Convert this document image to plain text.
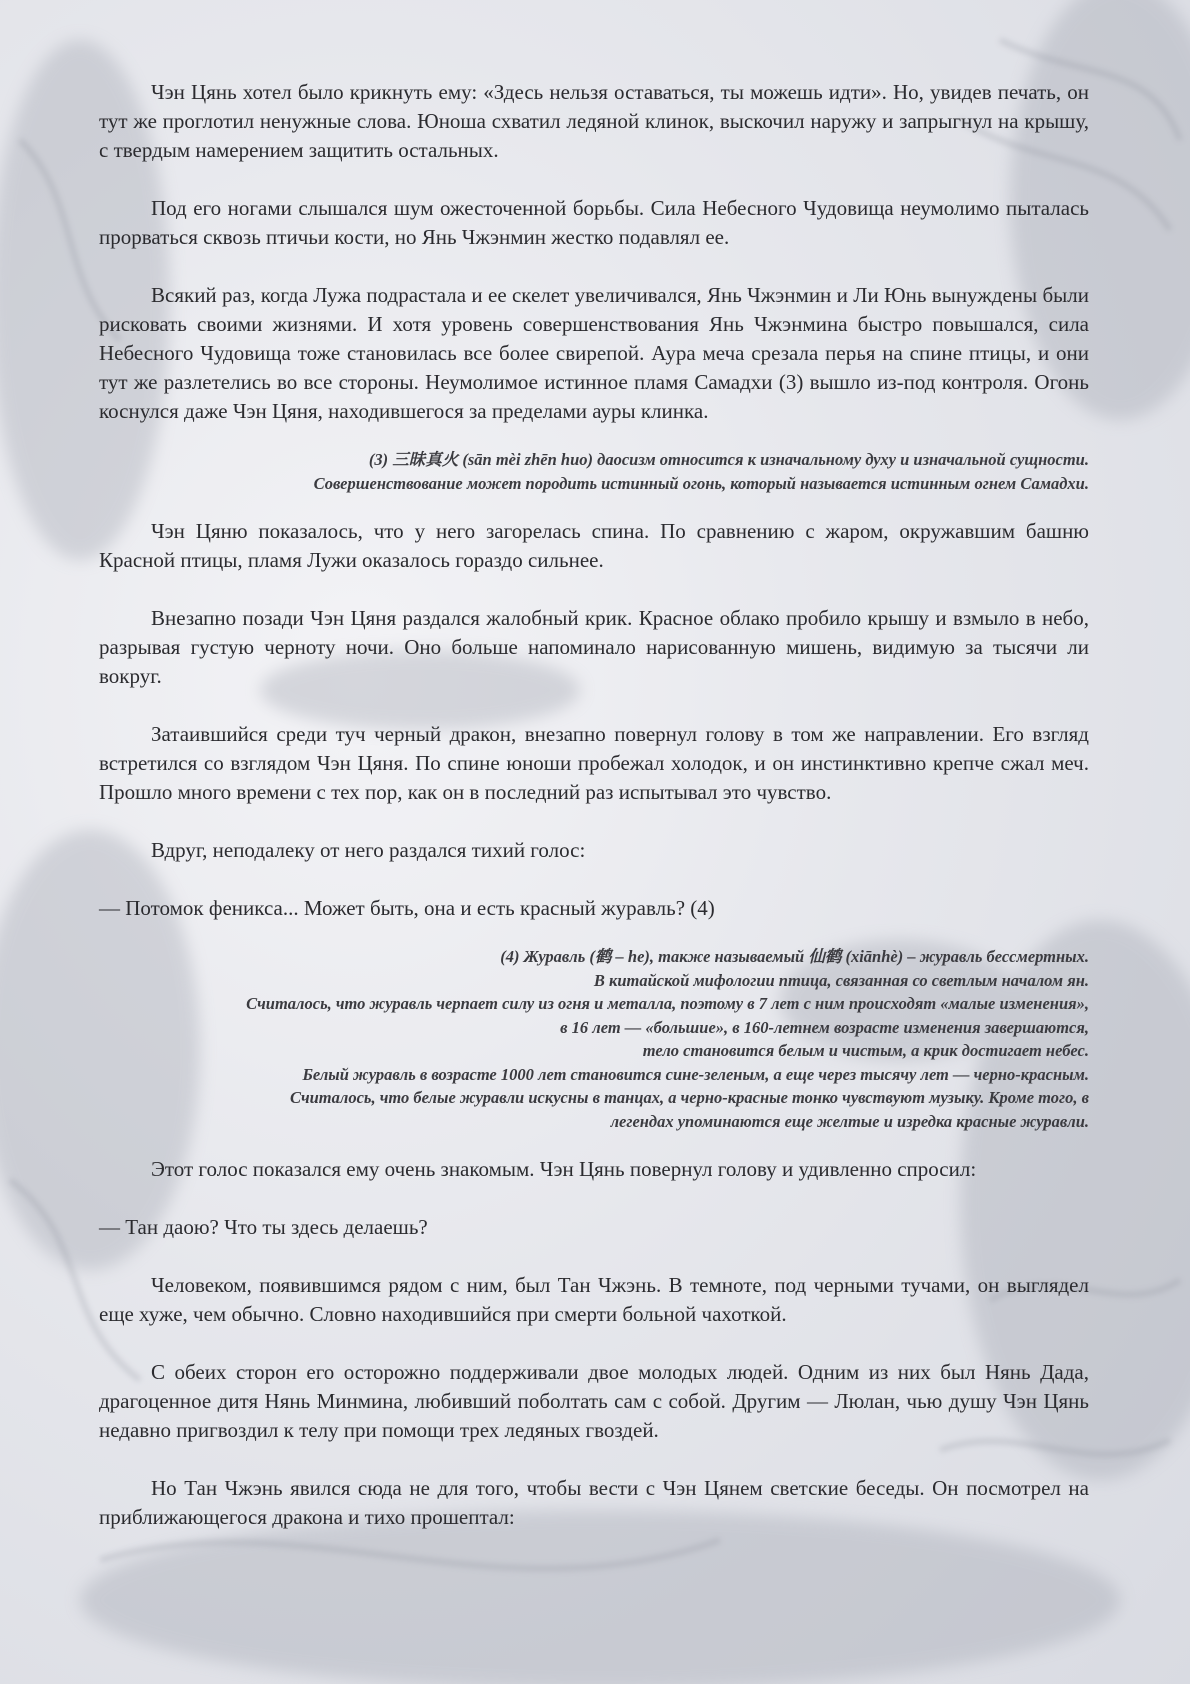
Чэн Цянь хотел было крикнуть ему: «Здесь нельзя оставаться, ты можешь идти». Но, увидев печать, он тут же проглотил ненужные слова. Юноша схватил ледяной клинок, выскочил наружу и запрыгнул на крышу, с твердым намерением защитить остальных.

Под его ногами слышался шум ожесточенной борьбы. Сила Небесного Чудовища неумолимо пыталась прорваться сквозь птичьи кости, но Янь Чжэнмин жестко подавлял ее.

Всякий раз, когда Лужа подрастала и ее скелет увеличивался, Янь Чжэнмин и Ли Юнь вынуждены были рисковать своими жизнями. И хотя уровень совершенствования Янь Чжэнмина быстро повышался, сила Небесного Чудовища тоже становилась все более свирепой. Аура меча срезала перья на спине птицы, и они тут же разлетелись во все стороны. Неумолимое истинное пламя Самадхи (3) вышло из-под контроля. Огонь коснулся даже Чэн Цяня, находившегося за пределами ауры клинка.

(3) 三昧真火 (sān mèi zhēn huo) даосизм относится к изначальному духу и изначальной сущности.

Совершенствование может породить истинный огонь, который называется истинным огнем Самадхи.

Чэн Цяню показалось, что у него загорелась спина. По сравнению с жаром, окружавшим башню Красной птицы, пламя Лужи оказалось гораздо сильнее.

Внезапно позади Чэн Цяня раздался жалобный крик. Красное облако пробило крышу и взмыло в небо, разрывая густую черноту ночи. Оно больше напоминало нарисованную мишень, видимую за тысячи ли вокруг.

Затаившийся среди туч черный дракон, внезапно повернул голову в том же направлении. Его взгляд встретился со взглядом Чэн Цяня. По спине юноши пробежал холодок, и он инстинктивно крепче сжал меч. Прошло много времени с тех пор, как он в последний раз испытывал это чувство.

Вдруг, неподалеку от него раздался тихий голос:

— Потомок феникса... Может быть, она и есть красный журавль? (4)

(4) Журавль (鹤 – he), также называемый 仙鹤 (xiānhè) – журавль бессмертных.

В китайской мифологии птица, связанная со светлым началом ян.

Считалось, что журавль черпает силу из огня и металла, поэтому в 7 лет с ним происходят «малые изменения»,

в 16 лет — «большие», в 160-летнем возрасте изменения завершаются,

тело становится белым и чистым, а крик достигает небес.

Белый журавль в возрасте 1000 лет становится сине-зеленым, а еще через тысячу лет — черно-красным.

Считалось, что белые журавли искусны в танцах, а черно-красные тонко чувствуют музыку. Кроме того, в

легендах упоминаются еще желтые и изредка красные журавли.

Этот голос показался ему очень знакомым. Чэн Цянь повернул голову и удивленно спросил:

— Тан даою? Что ты здесь делаешь?

Человеком, появившимся рядом с ним, был Тан Чжэнь. В темноте, под черными тучами, он выглядел еще хуже, чем обычно. Словно находившийся при смерти больной чахоткой.

С обеих сторон его осторожно поддерживали двое молодых людей. Одним из них был Нянь Дада, драгоценное дитя Нянь Минмина, любивший поболтать сам с собой. Другим — Люлан, чью душу Чэн Цянь недавно пригвоздил к телу при помощи трех ледяных гвоздей.

Но Тан Чжэнь явился сюда не для того, чтобы вести с Чэн Цянем светские беседы. Он посмотрел на приближающегося дракона и тихо прошептал:
